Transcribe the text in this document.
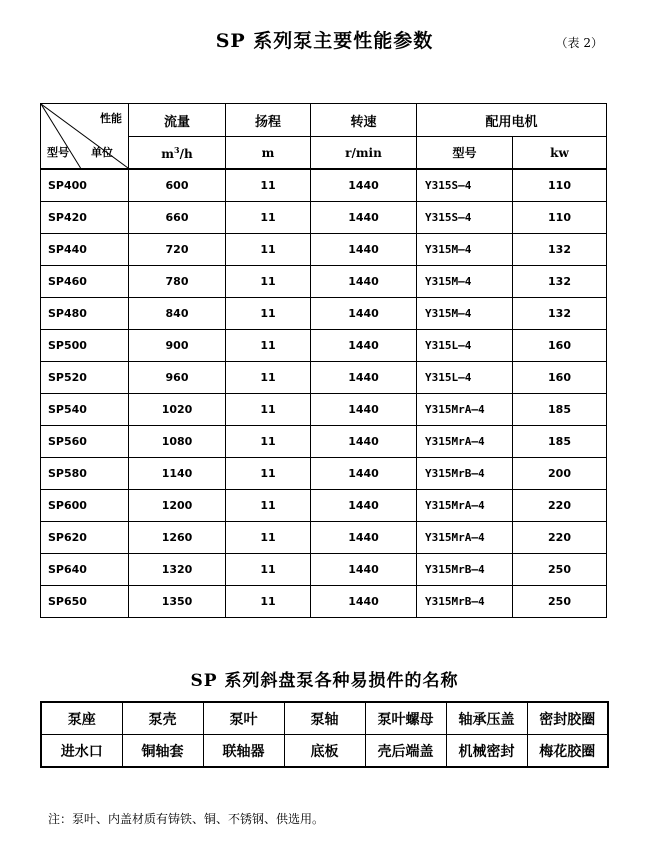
SP 系列泵主要性能参数	（表 2）
性能
型号 单位	流量	扬程	转速	配用电机	
	$m^3/h$	m	r/min	型号	kw
SP400	600	11	1440	Y315S—4	110
SP420	660	11	1440	Y315S—4	110
SP440	720	11	1440	Y315M—4	132
SP460	780	11	1440	Y315M—4	132
SP480	840	11	1440	Y315M—4	132
SP500	900	11	1440	Y315L—4	160
SP520	960	11	1440	Y315L—4	160
SP540	1020	11	1440	Y315MrA—4	185
SP560	1080	11	1440	Y315MrA—4	185
SP580	1140	11	1440	Y315MrB—4	200
SP600	1200	11	1440	Y315MrA—4	220
SP620	1260	11	1440	Y315MrA—4	220
SP640	1320	11	1440	Y315MrB—4	250
SP650	1350	11	1440	Y315MrB—4	250
SP 系列斜盘泵各种易损件的名称
泵座	泵壳	泵叶	泵轴	泵叶螺母	轴承压盖	密封胶圈
进水口	铜轴套	联轴器	底板	壳后端盖	机械密封	梅花胶圈
注：泵叶、内盖材质有铸铁、铜、不锈钢、供选用。
